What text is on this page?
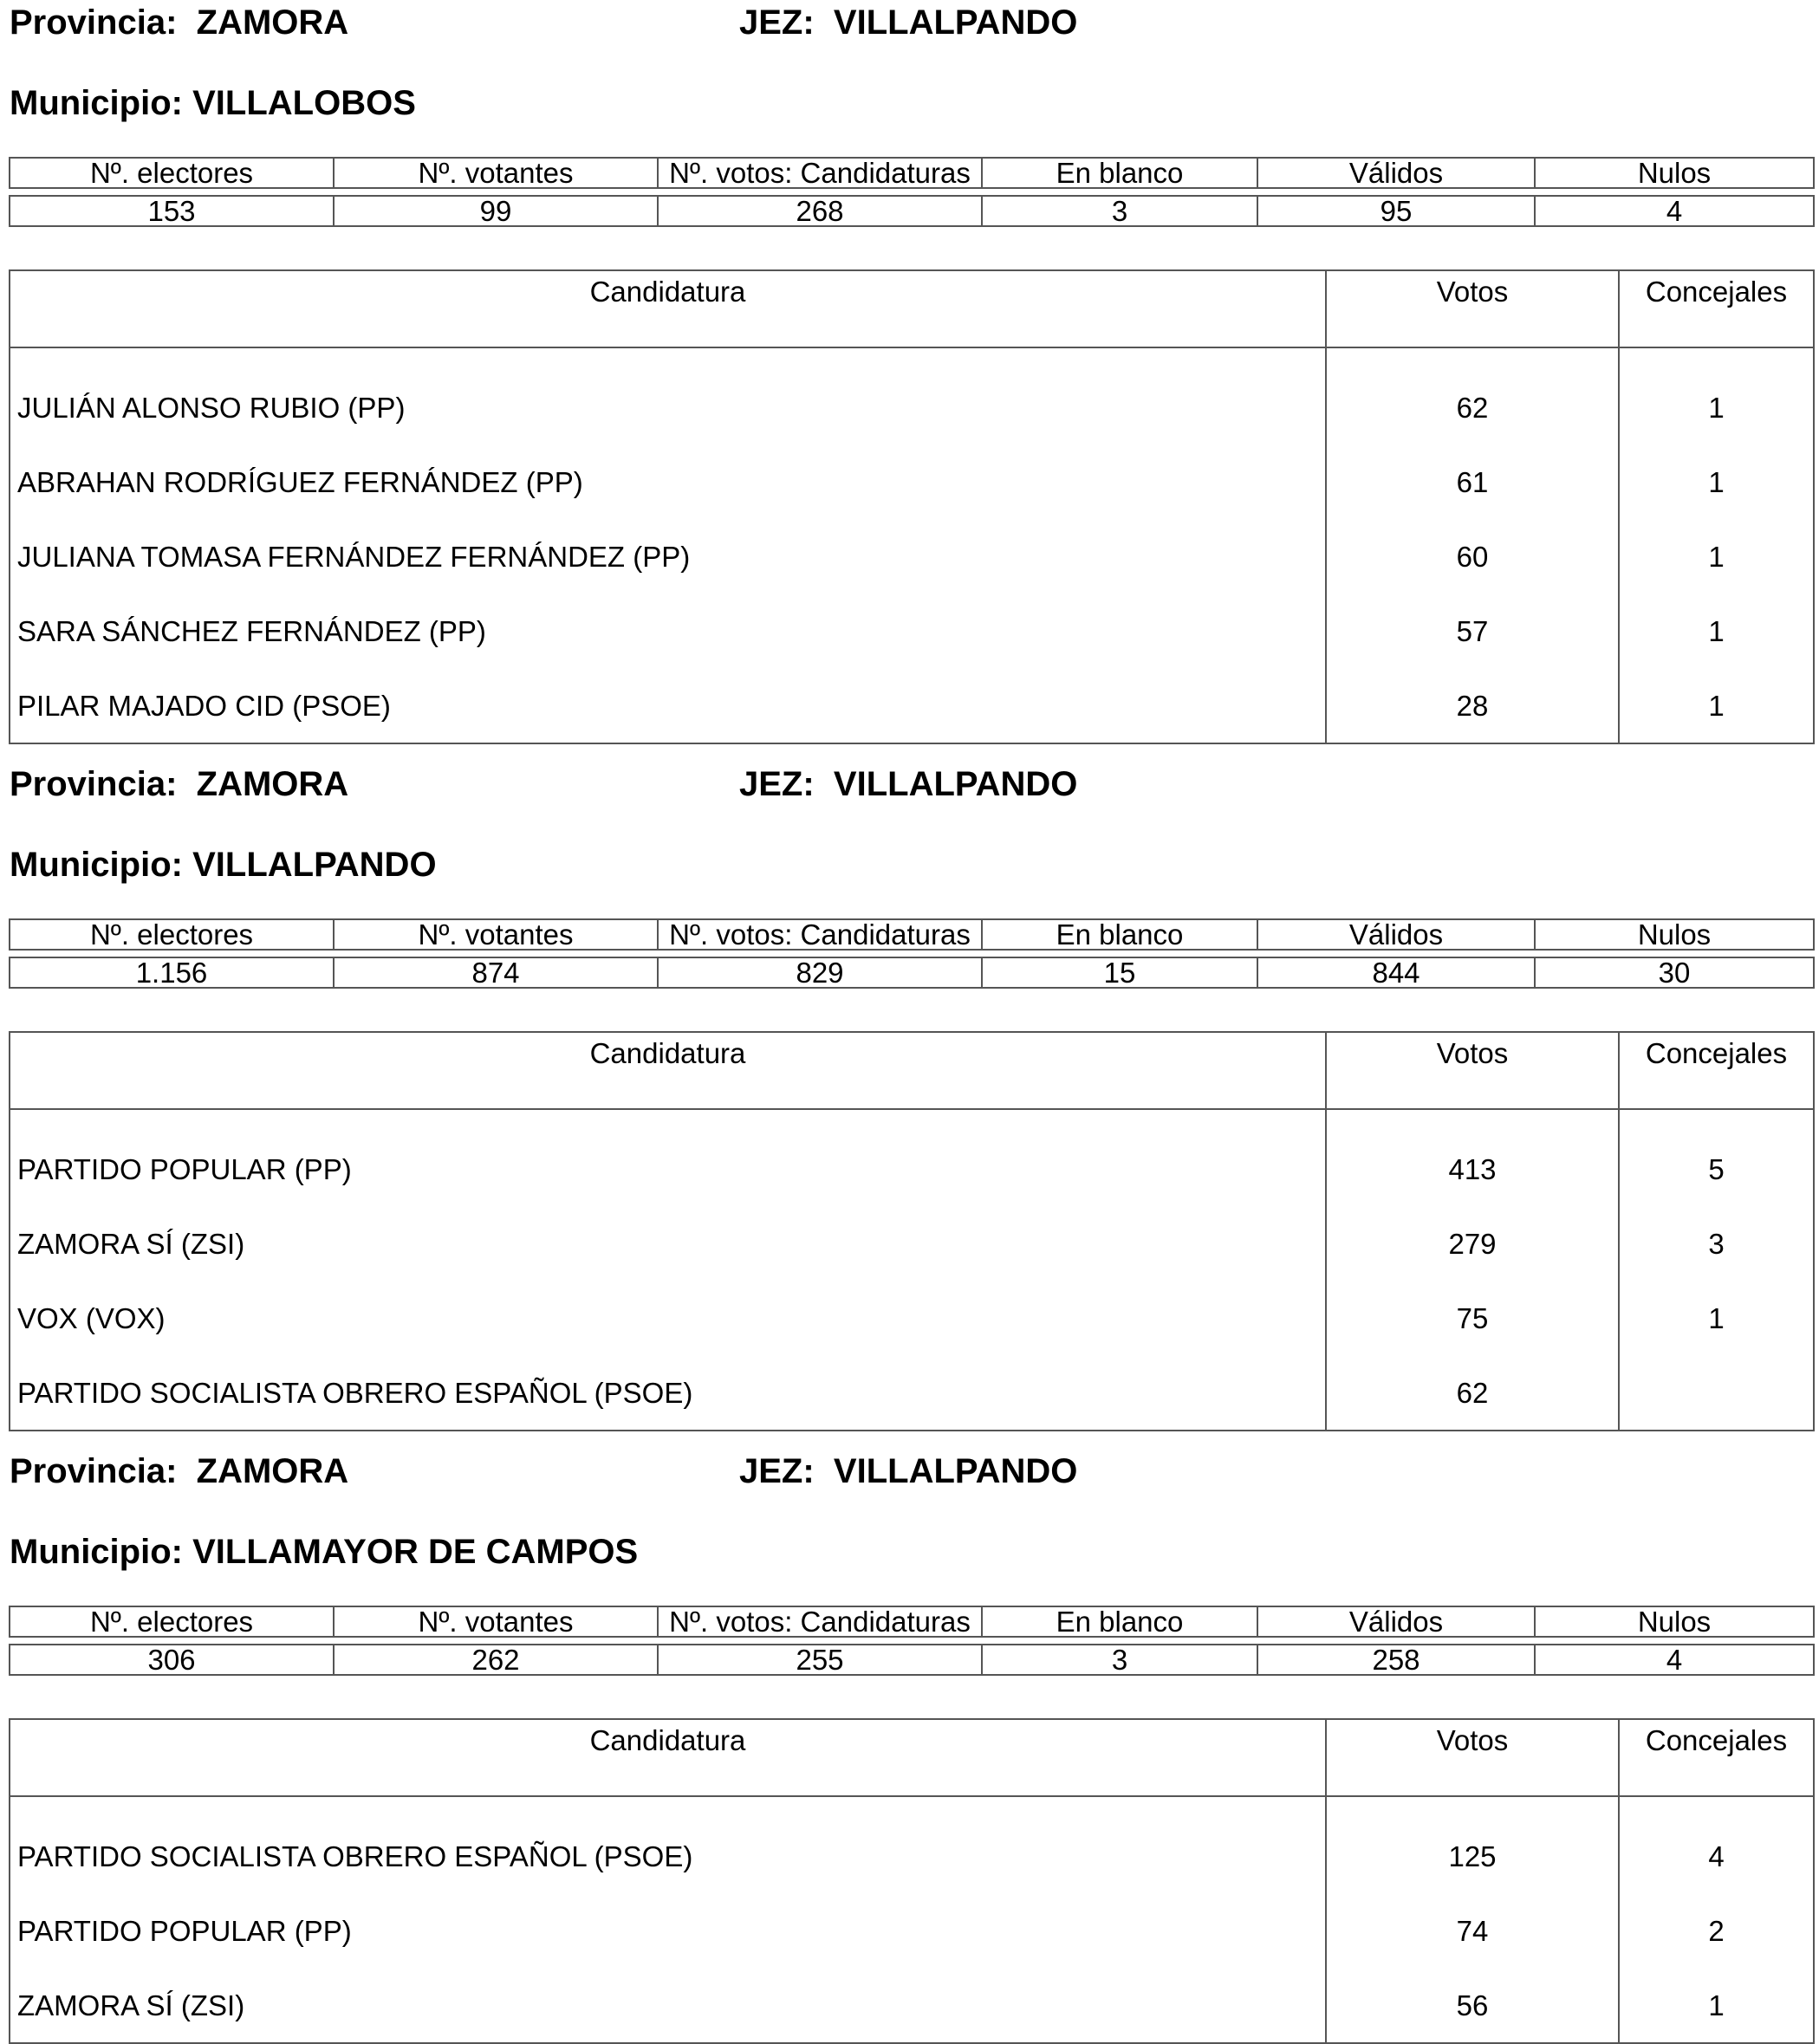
Provincia: ZAMORA	JEZ: VILLALPANDO
Municipio: VILLALOBOS
Nº. electores	Nº. votantes	Nº. votos: Candidaturas	En blanco	Válidos	Nulos
153	99	268	3	95	4
Candidatura	Votos	Concejales

JULIÁN ALONSO RUBIO (PP)	62	1
ABRAHAN RODRÍGUEZ FERNÁNDEZ (PP)	61	1
JULIANA TOMASA FERNÁNDEZ FERNÁNDEZ (PP)	60	1
SARA SÁNCHEZ FERNÁNDEZ (PP)	57	1
PILAR MAJADO CID (PSOE)	28	1
Provincia: ZAMORA	JEZ: VILLALPANDO
Municipio: VILLALPANDO
Nº. electores	Nº. votantes	Nº. votos: Candidaturas	En blanco	Válidos	Nulos
1.156	874	829	15	844	30
Candidatura	Votos	Concejales

PARTIDO POPULAR (PP)	413	5
ZAMORA SÍ (ZSI)	279	3
VOX (VOX)	75	1
PARTIDO SOCIALISTA OBRERO ESPAÑOL (PSOE)	62	
Provincia: ZAMORA	JEZ: VILLALPANDO
Municipio: VILLAMAYOR DE CAMPOS
Nº. electores	Nº. votantes	Nº. votos: Candidaturas	En blanco	Válidos	Nulos
306	262	255	3	258	4
Candidatura	Votos	Concejales

PARTIDO SOCIALISTA OBRERO ESPAÑOL (PSOE)	125	4
PARTIDO POPULAR (PP)	74	2
ZAMORA SÍ (ZSI)	56	1
